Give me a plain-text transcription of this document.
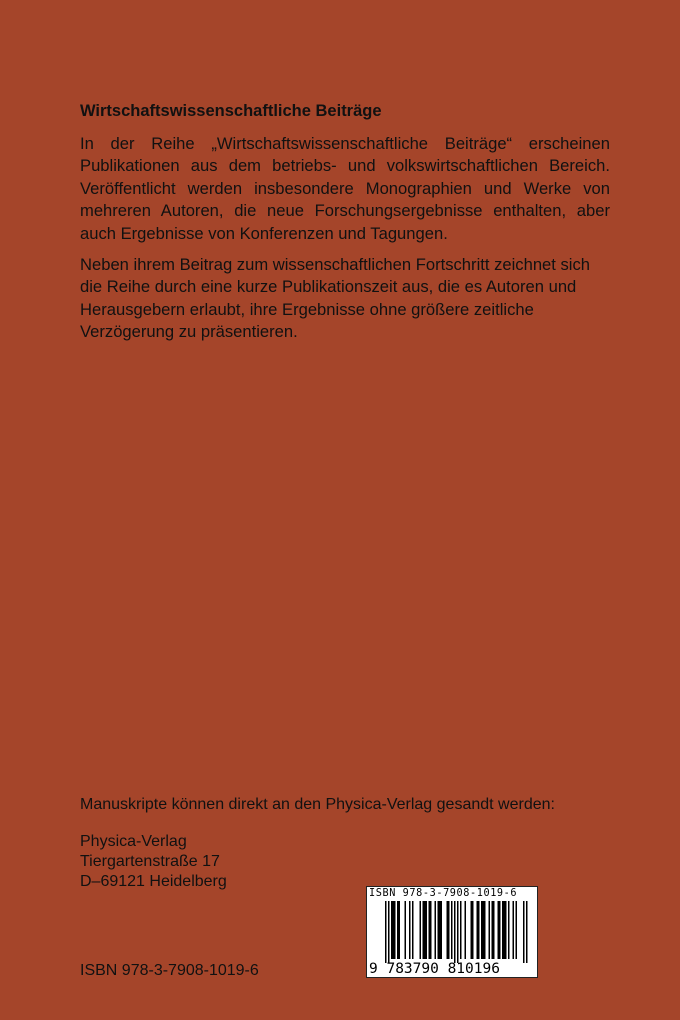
Wirtschaftswissenschaftliche Beiträge

In der Reihe „Wirtschaftswissenschaftliche Beiträge“ erscheinen Publikationen aus dem betriebs- und volkswirtschaftlichen Bereich. Veröffentlicht werden insbesondere Monographien und Werke von mehreren Autoren, die neue Forschungsergebnisse enthalten, aber auch Ergebnisse von Konferenzen und Tagungen.

Neben ihrem Beitrag zum wissenschaftlichen Fortschritt zeichnet sich die Reihe durch eine kurze Publikationszeit aus, die es Autoren und Herausgebern erlaubt, ihre Ergebnisse ohne größere zeitliche Verzögerung zu präsentieren.

Manuskripte können direkt an den Physica-Verlag gesandt werden:
Physica-Verlag
Tiergartenstraße 17
D–69121 Heidelberg
ISBN 978-3-7908-1019-6
ISBN 978-3-7908-1019-6
9 783790 810196
